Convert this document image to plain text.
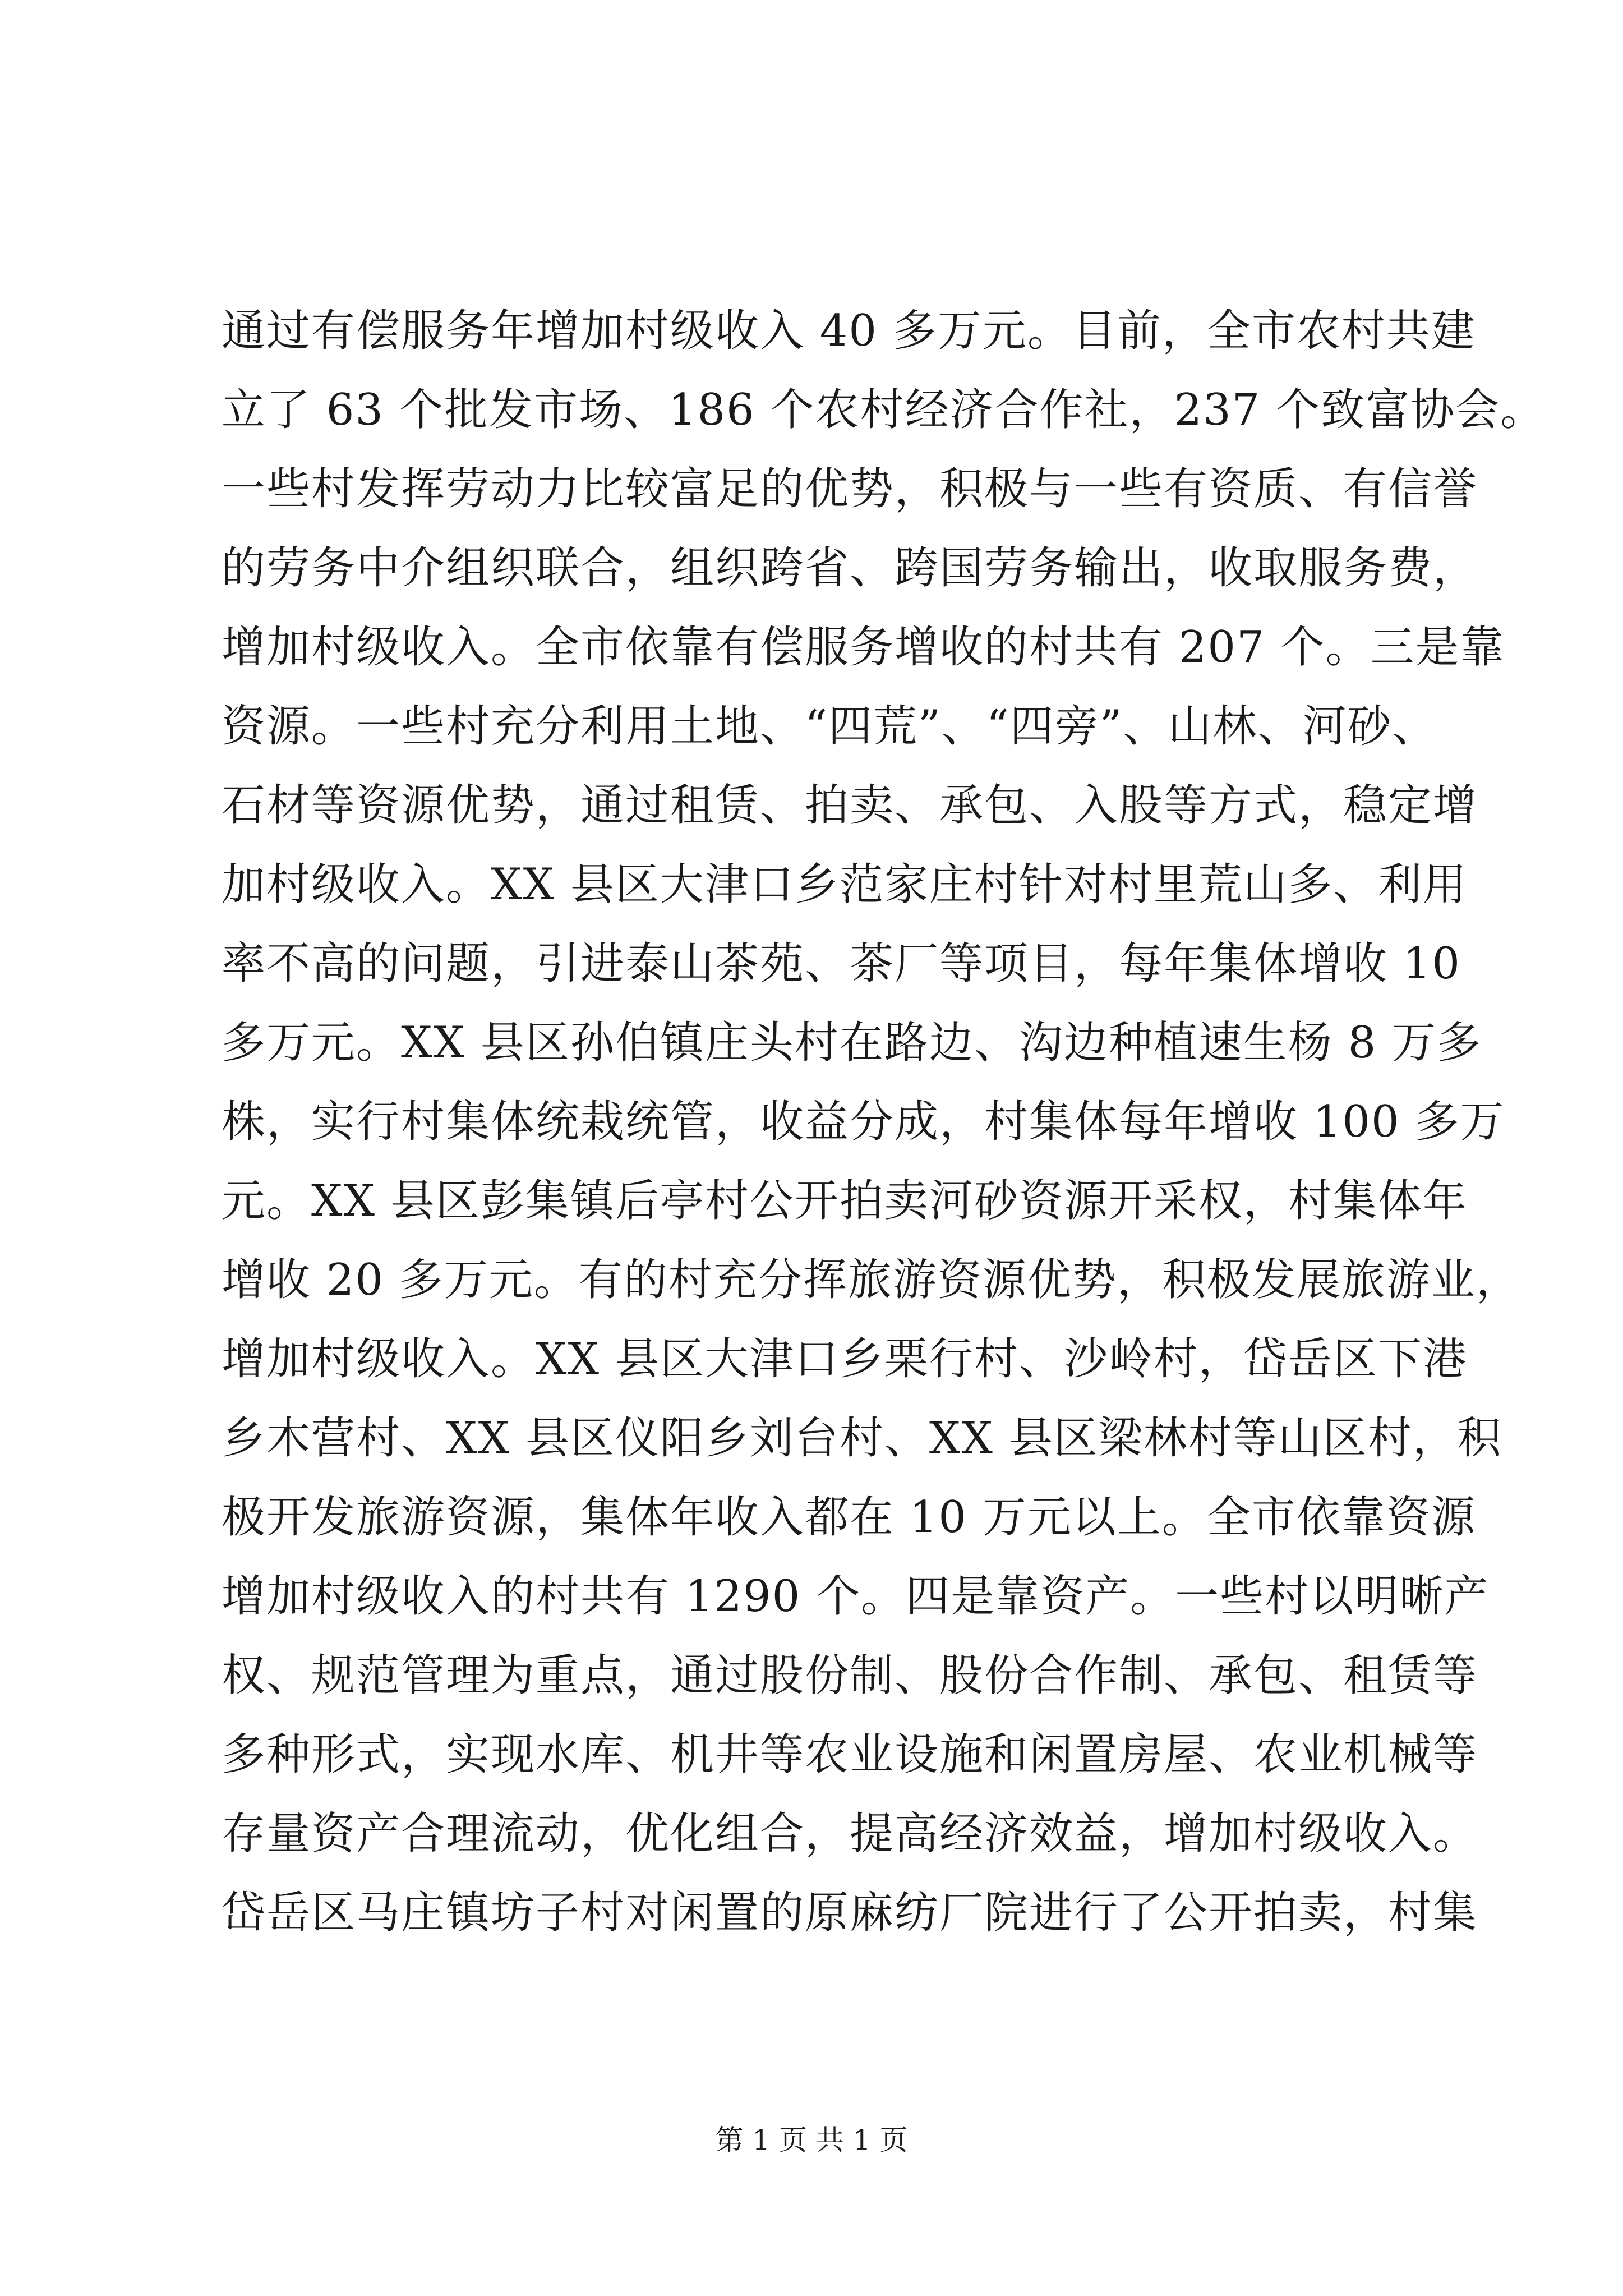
通过有偿服务年增加村级收入 40 多万元。目前，全市农村共建
立了 63 个批发市场、186 个农村经济合作社，237 个致富协会。
一些村发挥劳动力比较富足的优势，积极与一些有资质、有信誉
的劳务中介组织联合，组织跨省、跨国劳务输出，收取服务费，
增加村级收入。全市依靠有偿服务增收的村共有 207 个。三是靠
资源。一些村充分利用土地、“四荒”、“四旁”、山林、河砂、
石材等资源优势，通过租赁、拍卖、承包、入股等方式，稳定增
加村级收入。XX 县区大津口乡范家庄村针对村里荒山多、利用
率不高的问题，引进泰山茶苑、茶厂等项目，每年集体增收 10
多万元。XX 县区孙伯镇庄头村在路边、沟边种植速生杨 8 万多
株，实行村集体统栽统管，收益分成，村集体每年增收 100 多万
元。XX 县区彭集镇后亭村公开拍卖河砂资源开采权，村集体年
增收 20 多万元。有的村充分挥旅游资源优势，积极发展旅游业，
增加村级收入。XX 县区大津口乡栗行村、沙岭村，岱岳区下港
乡木营村、XX 县区仪阳乡刘台村、XX 县区梁林村等山区村，积
极开发旅游资源，集体年收入都在 10 万元以上。全市依靠资源
增加村级收入的村共有 1290 个。四是靠资产。一些村以明晰产
权、规范管理为重点，通过股份制、股份合作制、承包、租赁等
多种形式，实现水库、机井等农业设施和闲置房屋、农业机械等
存量资产合理流动，优化组合，提高经济效益，增加村级收入。
岱岳区马庄镇坊子村对闲置的原麻纺厂院进行了公开拍卖，村集
第 1 页 共 1 页
